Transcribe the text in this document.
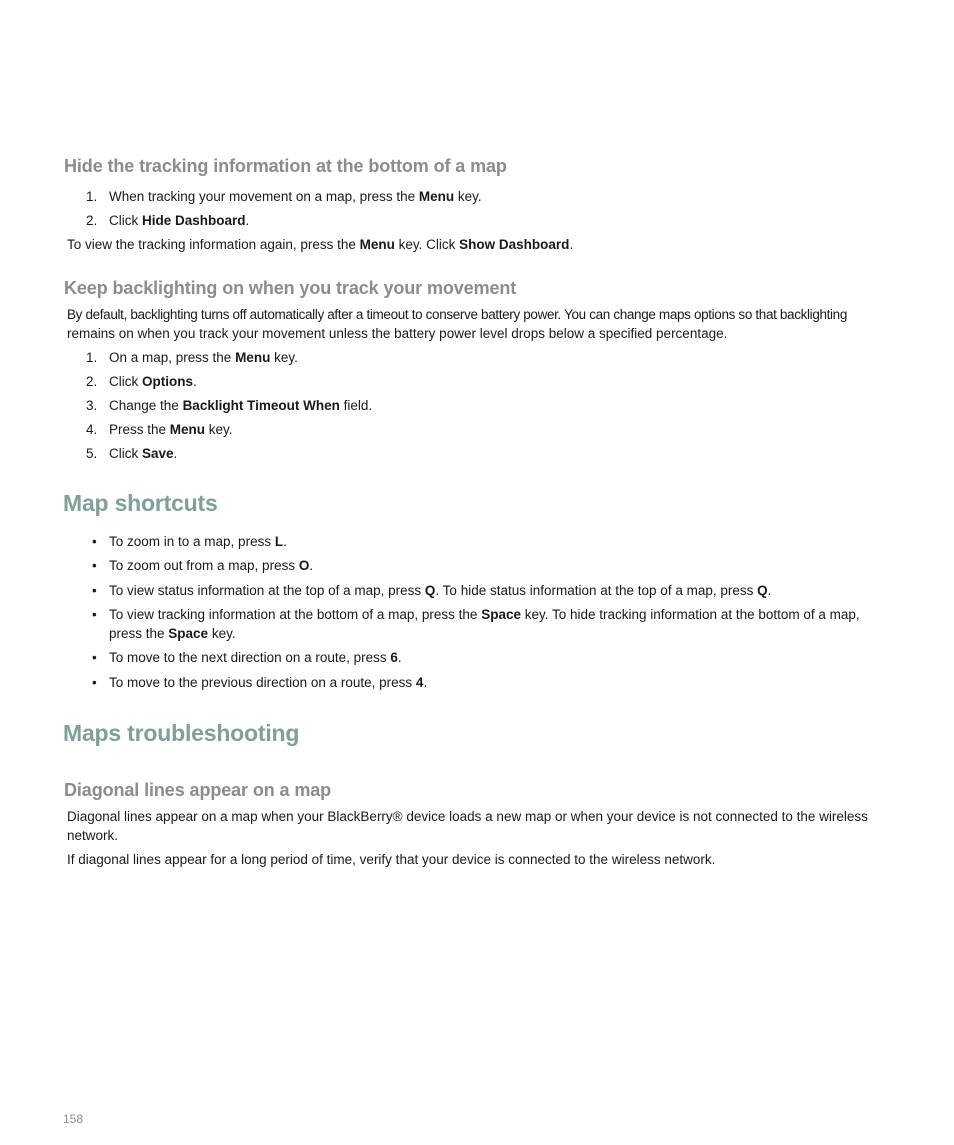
Hide the tracking information at the bottom of a map
1. When tracking your movement on a map, press the Menu key.
2. Click Hide Dashboard.

To view the tracking information again, press the Menu key. Click Show Dashboard.

Keep backlighting on when you track your movement

By default, backlighting turns off automatically after a timeout to conserve battery power. You can change maps options so that backlighting
remains on when you track your movement unless the battery power level drops below a specified percentage.

1. On a map, press the Menu key.
2. Click Options.
3. Change the Backlight Timeout When field.
4. Press the Menu key.
5. Click Save.
Map shortcuts
• To zoom in to a map, press L.
• To zoom out from a map, press O.
• To view status information at the top of a map, press Q. To hide status information at the top of a map, press Q.
• To view tracking information at the bottom of a map, press the Space key. To hide tracking information at the bottom of a map,
press the Space key.
• To move to the next direction on a route, press 6.
• To move to the previous direction on a route, press 4.
Maps troubleshooting
Diagonal lines appear on a map

Diagonal lines appear on a map when your BlackBerry® device loads a new map or when your device is not connected to the wireless
network.

If diagonal lines appear for a long period of time, verify that your device is connected to the wireless network.

158
